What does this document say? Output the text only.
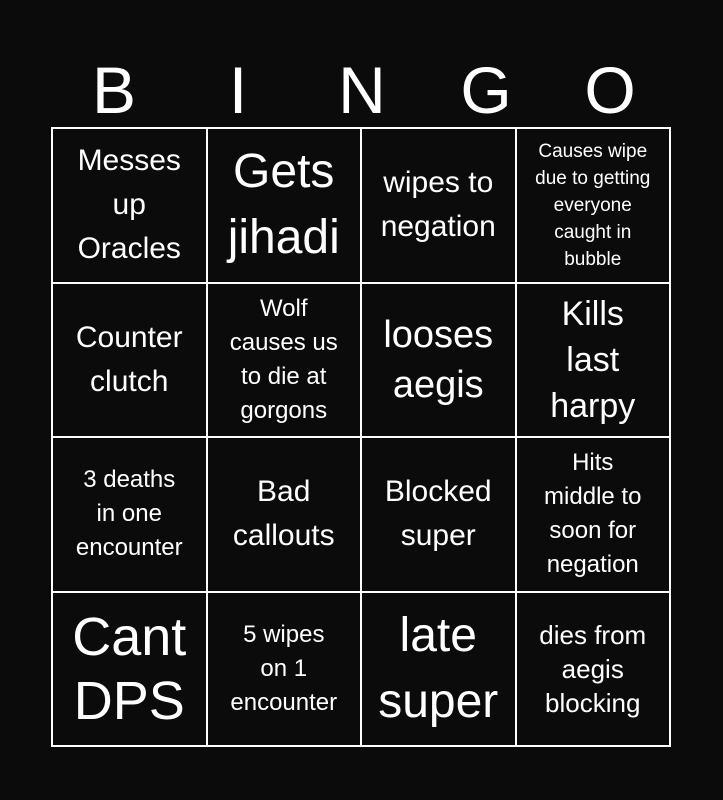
B	I	N	G	O
Messes
up
Oracles
Gets
jihadi
wipes to
negation
Causes wipe
due to getting
everyone
caught in
bubble
Counter
clutch
Wolf
causes us
to die at
gorgons
looses
aegis
Kills
last
harpy
3 deaths
in one
encounter
Bad
callouts
Blocked
super
Hits
middle to
soon for
negation
Cant
DPS
5 wipes
on 1
encounter
late
super
dies from
aegis
blocking
